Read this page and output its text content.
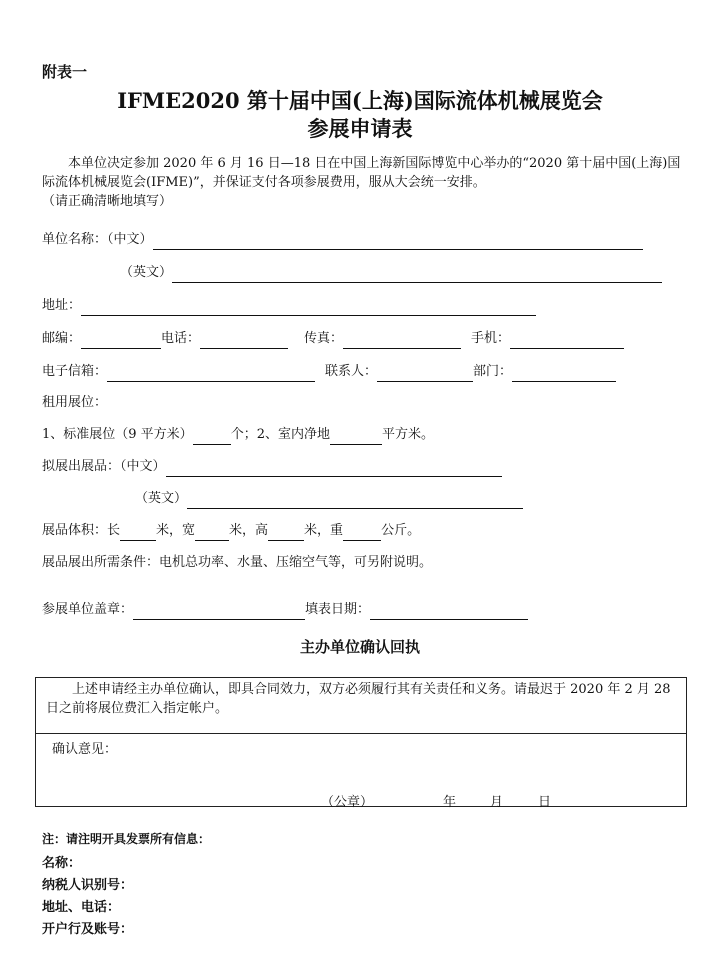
附表一
IFME2020 第十届中国(上海)国际流体机械展览会
参展申请表

本单位决定参加 2020 年 6 月 16 日—18 日在中国上海新国际博览中心举办的“2020 第十届中国(上海)国际流体机械展览会(IFME)”，并保证支付各项参展费用，服从大会统一安排。

（请正确清晰地填写）

单位名称：（中文）
（英文）
地址：
邮编：	电话：	传真：	手机：
电子信箱：	联系人：	部门：
租用展位：
1、标准展位（9 平方米）	个；2、室内净地	平方米。
拟展出展品：（中文）
（英文）
展品体积：长	米，宽	米，高	米，重	公斤。
展品展出所需条件：电机总功率、水量、压缩空气等，可另附说明。
参展单位盖章：	填表日期：
主办单位确认回执
上述申请经主办单位确认，即具合同效力，双方必须履行其有关责任和义务。请最迟于 2020 年 2 月 28 日之前将展位费汇入指定帐户。
确认意见：
（公章）	年	月	日
注：请注明开具发票所有信息：
名称：
纳税人识别号：
地址、电话：
开户行及账号：
